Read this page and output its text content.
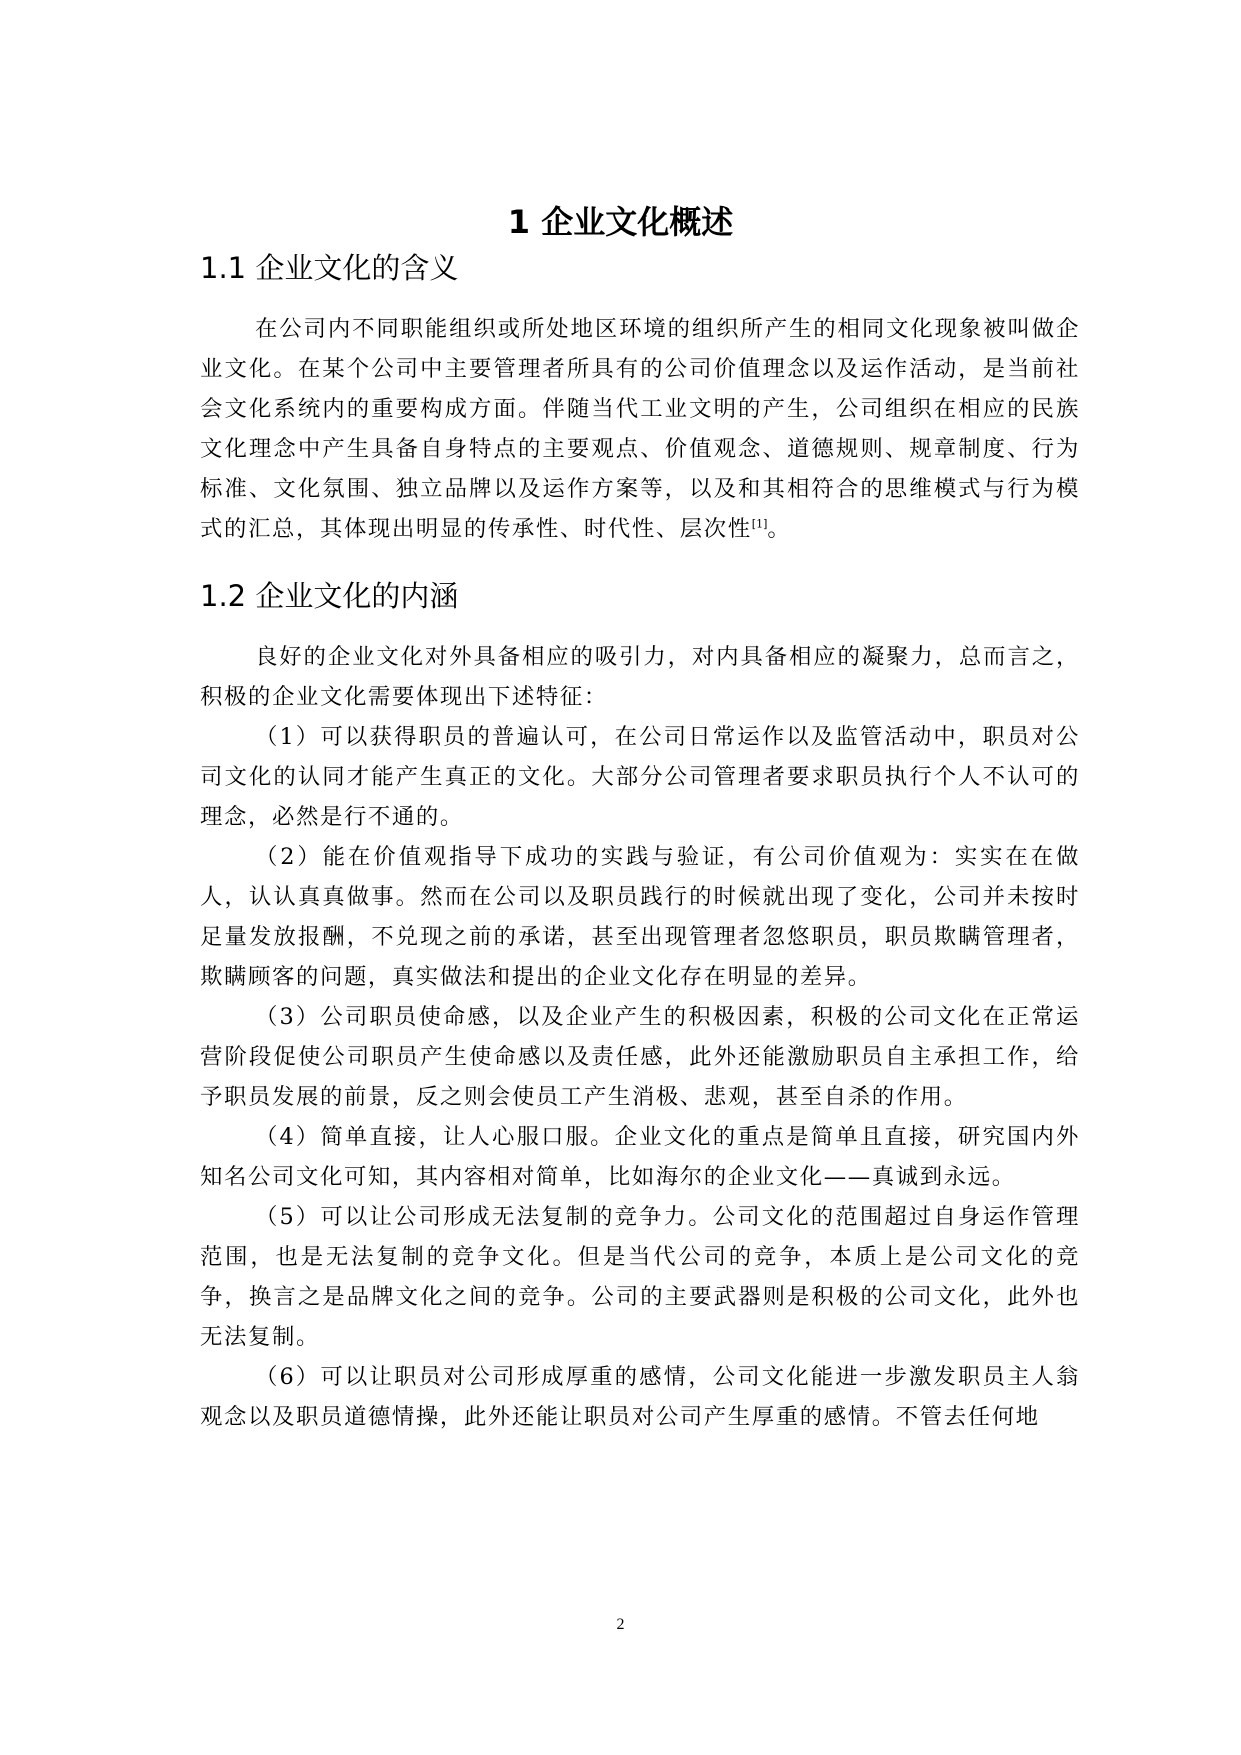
1 企业文化概述
1.1 企业文化的含义

在公司内不同职能组织或所处地区环境的组织所产生的相同文化现象被叫做企业文化。在某个公司中主要管理者所具有的公司价值理念以及运作活动，是当前社会文化系统内的重要构成方面。伴随当代工业文明的产生，公司组织在相应的民族文化理念中产生具备自身特点的主要观点、价值观念、道德规则、规章制度、行为标准、文化氛围、独立品牌以及运作方案等，以及和其相符合的思维模式与行为模式的汇总，其体现出明显的传承性、时代性、层次性[1]。

1.2 企业文化的内涵

良好的企业文化对外具备相应的吸引力，对内具备相应的凝聚力，总而言之，积极的企业文化需要体现出下述特征：

（1）可以获得职员的普遍认可，在公司日常运作以及监管活动中，职员对公司文化的认同才能产生真正的文化。大部分公司管理者要求职员执行个人不认可的理念，必然是行不通的。

（2）能在价值观指导下成功的实践与验证，有公司价值观为：实实在在做人，认认真真做事。然而在公司以及职员践行的时候就出现了变化，公司并未按时足量发放报酬，不兑现之前的承诺，甚至出现管理者忽悠职员，职员欺瞒管理者，欺瞒顾客的问题，真实做法和提出的企业文化存在明显的差异。

（3）公司职员使命感，以及企业产生的积极因素，积极的公司文化在正常运营阶段促使公司职员产生使命感以及责任感，此外还能激励职员自主承担工作，给予职员发展的前景，反之则会使员工产生消极、悲观，甚至自杀的作用。

（4）简单直接，让人心服口服。企业文化的重点是简单且直接，研究国内外知名公司文化可知，其内容相对简单，比如海尔的企业文化——真诚到永远。

（5）可以让公司形成无法复制的竞争力。公司文化的范围超过自身运作管理范围，也是无法复制的竞争文化。但是当代公司的竞争，本质上是公司文化的竞争，换言之是品牌文化之间的竞争。公司的主要武器则是积极的公司文化，此外也无法复制。

（6）可以让职员对公司形成厚重的感情，公司文化能进一步激发职员主人翁观念以及职员道德情操，此外还能让职员对公司产生厚重的感情。不管去任何地

2
